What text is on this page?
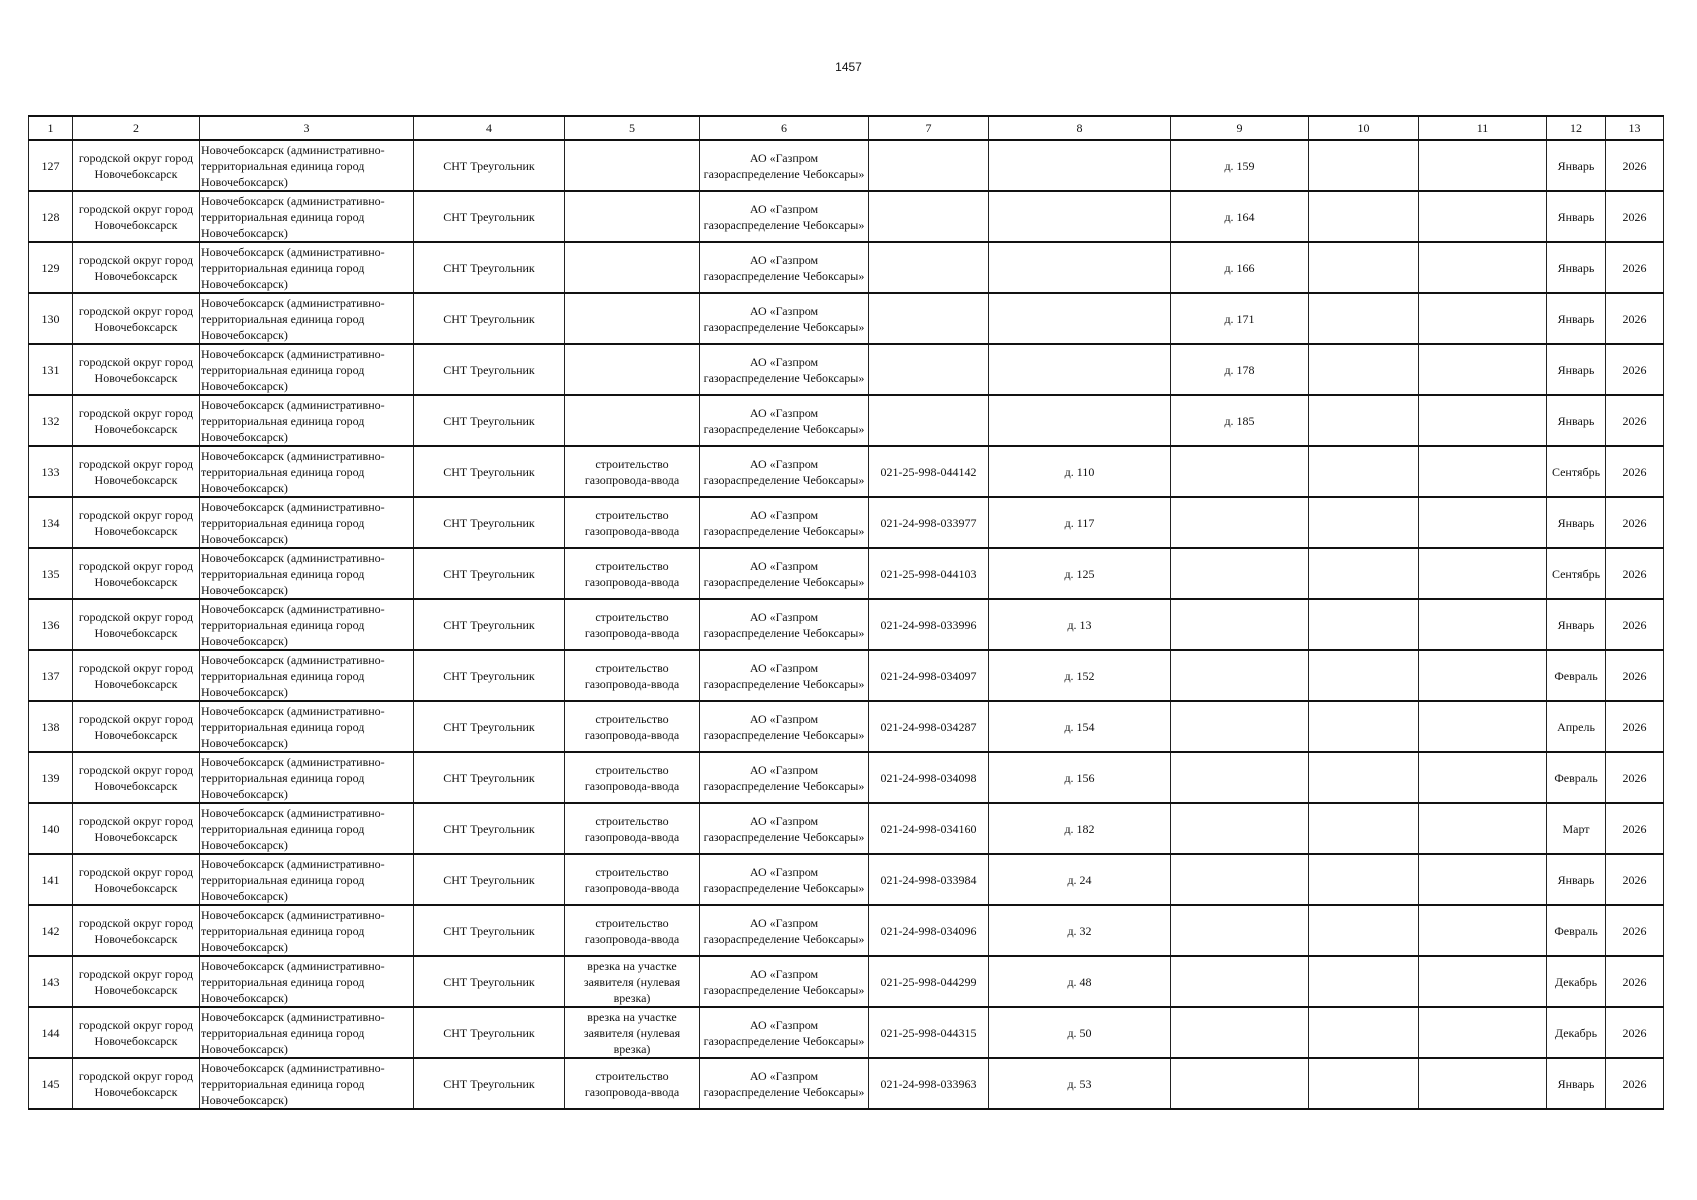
1457
1	2	3	4	5	6	7	8	9	10	11	12	13
127	городской округ город Новочебоксарск	Новочебоксарск (административно-территориальная единица город Новочебоксарск)	СНТ Треугольник		АО «Газпром газораспределение Чебоксары»			д. 159			Январь	2026
128	городской округ город Новочебоксарск	Новочебоксарск (административно-территориальная единица город Новочебоксарск)	СНТ Треугольник		АО «Газпром газораспределение Чебоксары»			д. 164			Январь	2026
129	городской округ город Новочебоксарск	Новочебоксарск (административно-территориальная единица город Новочебоксарск)	СНТ Треугольник		АО «Газпром газораспределение Чебоксары»			д. 166			Январь	2026
130	городской округ город Новочебоксарск	Новочебоксарск (административно-территориальная единица город Новочебоксарск)	СНТ Треугольник		АО «Газпром газораспределение Чебоксары»			д. 171			Январь	2026
131	городской округ город Новочебоксарск	Новочебоксарск (административно-территориальная единица город Новочебоксарск)	СНТ Треугольник		АО «Газпром газораспределение Чебоксары»			д. 178			Январь	2026
132	городской округ город Новочебоксарск	Новочебоксарск (административно-территориальная единица город Новочебоксарск)	СНТ Треугольник		АО «Газпром газораспределение Чебоксары»			д. 185			Январь	2026
133	городской округ город Новочебоксарск	Новочебоксарск (административно-территориальная единица город Новочебоксарск)	СНТ Треугольник	строительство газопровода-ввода	АО «Газпром газораспределение Чебоксары»	021-25-998-044142	д. 110				Сентябрь	2026
134	городской округ город Новочебоксарск	Новочебоксарск (административно-территориальная единица город Новочебоксарск)	СНТ Треугольник	строительство газопровода-ввода	АО «Газпром газораспределение Чебоксары»	021-24-998-033977	д. 117				Январь	2026
135	городской округ город Новочебоксарск	Новочебоксарск (административно-территориальная единица город Новочебоксарск)	СНТ Треугольник	строительство газопровода-ввода	АО «Газпром газораспределение Чебоксары»	021-25-998-044103	д. 125				Сентябрь	2026
136	городской округ город Новочебоксарск	Новочебоксарск (административно-территориальная единица город Новочебоксарск)	СНТ Треугольник	строительство газопровода-ввода	АО «Газпром газораспределение Чебоксары»	021-24-998-033996	д. 13				Январь	2026
137	городской округ город Новочебоксарск	Новочебоксарск (административно-территориальная единица город Новочебоксарск)	СНТ Треугольник	строительство газопровода-ввода	АО «Газпром газораспределение Чебоксары»	021-24-998-034097	д. 152				Февраль	2026
138	городской округ город Новочебоксарск	Новочебоксарск (административно-территориальная единица город Новочебоксарск)	СНТ Треугольник	строительство газопровода-ввода	АО «Газпром газораспределение Чебоксары»	021-24-998-034287	д. 154				Апрель	2026
139	городской округ город Новочебоксарск	Новочебоксарск (административно-территориальная единица город Новочебоксарск)	СНТ Треугольник	строительство газопровода-ввода	АО «Газпром газораспределение Чебоксары»	021-24-998-034098	д. 156				Февраль	2026
140	городской округ город Новочебоксарск	Новочебоксарск (административно-территориальная единица город Новочебоксарск)	СНТ Треугольник	строительство газопровода-ввода	АО «Газпром газораспределение Чебоксары»	021-24-998-034160	д. 182				Март	2026
141	городской округ город Новочебоксарск	Новочебоксарск (административно-территориальная единица город Новочебоксарск)	СНТ Треугольник	строительство газопровода-ввода	АО «Газпром газораспределение Чебоксары»	021-24-998-033984	д. 24				Январь	2026
142	городской округ город Новочебоксарск	Новочебоксарск (административно-территориальная единица город Новочебоксарск)	СНТ Треугольник	строительство газопровода-ввода	АО «Газпром газораспределение Чебоксары»	021-24-998-034096	д. 32				Февраль	2026
143	городской округ город Новочебоксарск	Новочебоксарск (административно-территориальная единица город Новочебоксарск)	СНТ Треугольник	врезка на участке заявителя (нулевая врезка)	АО «Газпром газораспределение Чебоксары»	021-25-998-044299	д. 48				Декабрь	2026
144	городской округ город Новочебоксарск	Новочебоксарск (административно-территориальная единица город Новочебоксарск)	СНТ Треугольник	врезка на участке заявителя (нулевая врезка)	АО «Газпром газораспределение Чебоксары»	021-25-998-044315	д. 50				Декабрь	2026
145	городской округ город Новочебоксарск	Новочебоксарск (административно-территориальная единица город Новочебоксарск)	СНТ Треугольник	строительство газопровода-ввода	АО «Газпром газораспределение Чебоксары»	021-24-998-033963	д. 53				Январь	2026
